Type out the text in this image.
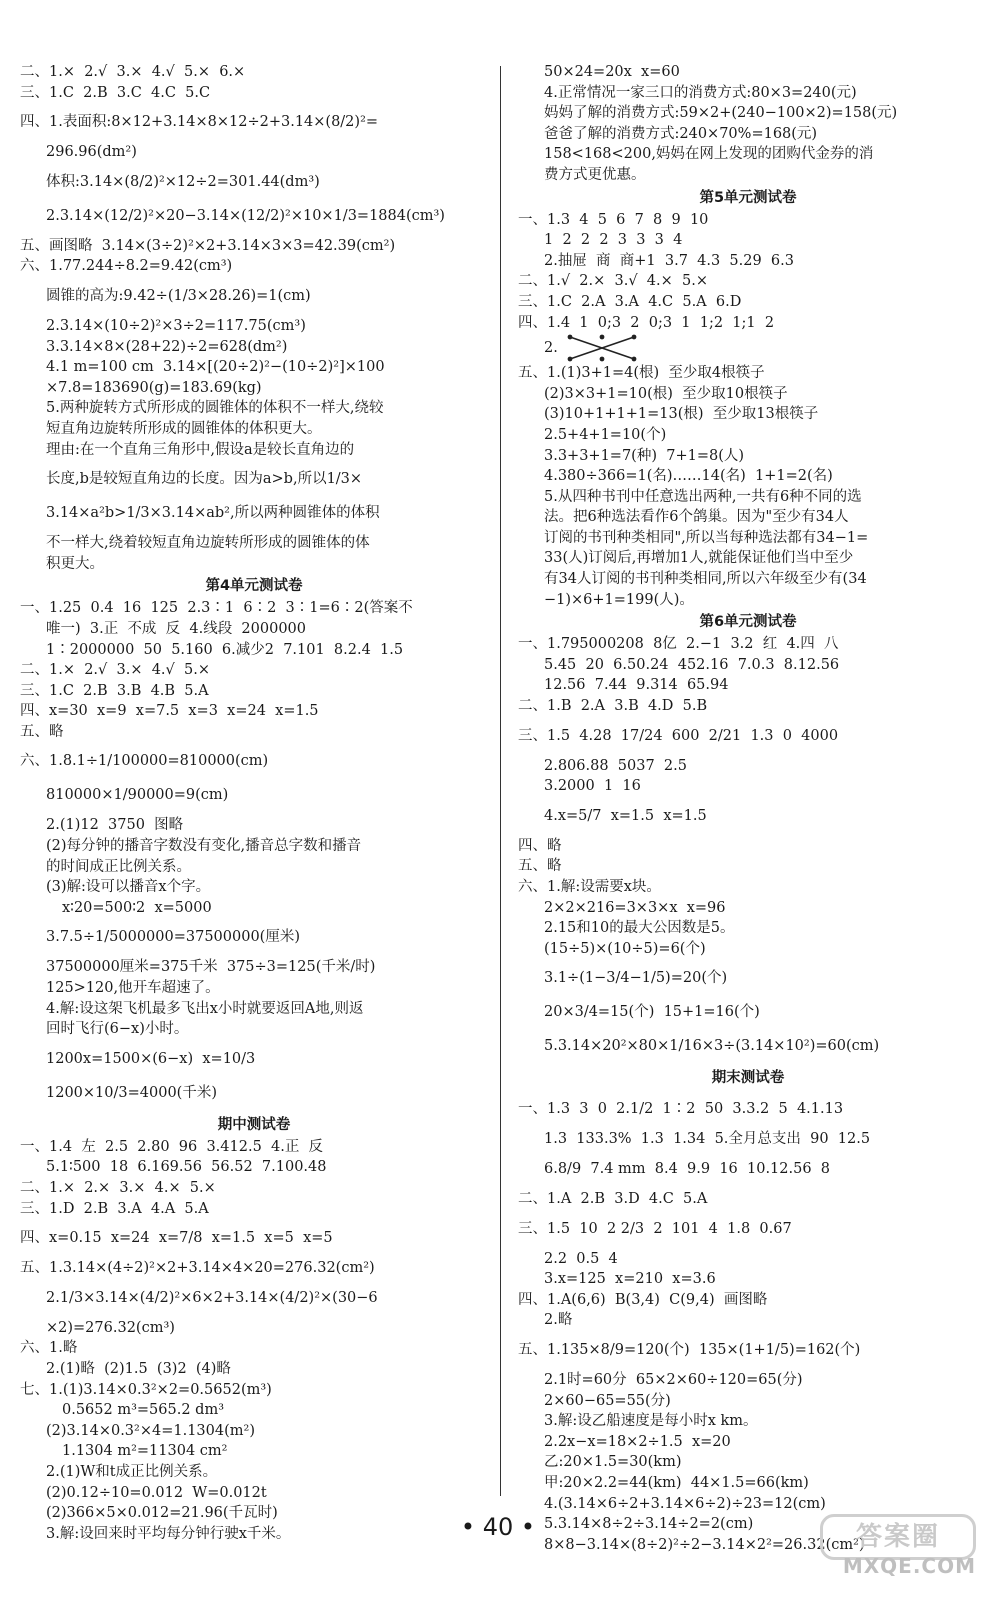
二、1.×  2.√  3.×  4.√  5.×  6.×
三、1.C  2.B  3.C  4.C  5.C
四、1.表面积:8×12+3.14×8×12÷2+3.14×(8/2)²=
296.96(dm²)
体积:3.14×(8/2)²×12÷2=301.44(dm³)
2.3.14×(12/2)²×20−3.14×(12/2)²×10×1/3=1884(cm³)
五、画图略  3.14×(3÷2)²×2+3.14×3×3=42.39(cm²)
六、1.77.244÷8.2=9.42(cm³)
圆锥的高为:9.42÷(1/3×28.26)=1(cm)
2.3.14×(10÷2)²×3÷2=117.75(cm³)
3.3.14×8×(28+22)÷2=628(dm²)
4.1 m=100 cm  3.14×[(20÷2)²−(10÷2)²]×100
×7.8=183690(g)=183.69(kg)
5.两种旋转方式所形成的圆锥体的体积不一样大,绕较
短直角边旋转所形成的圆锥体的体积更大。
理由:在一个直角三角形中,假设a是较长直角边的
长度,b是较短直角边的长度。因为a>b,所以1/3×
3.14×a²b>1/3×3.14×ab²,所以两种圆锥体的体积
不一样大,绕着较短直角边旋转所形成的圆锥体的体
积更大。
第4单元测试卷
一、1.25  0.4  16  125  2.3∶1  6∶2  3∶1=6∶2(答案不
唯一)  3.正  不成  反  4.线段  2000000
1∶2000000  50  5.160  6.减少2  7.101  8.2.4  1.5
二、1.×  2.√  3.×  4.√  5.×
三、1.C  2.B  3.B  4.B  5.A
四、x=30  x=9  x=7.5  x=3  x=24  x=1.5
五、略
六、1.8.1÷1/100000=810000(cm)
810000×1/90000=9(cm)
2.(1)12  3750  图略
(2)每分钟的播音字数没有变化,播音总字数和播音
的时间成正比例关系。
(3)解:设可以播音x个字。
x∶20=500∶2  x=5000
3.7.5÷1/5000000=37500000(厘米)
37500000厘米=375千米  375÷3=125(千米/时)
125>120,他开车超速了。
4.解:设这架飞机最多飞出x小时就要返回A地,则返
回时飞行(6−x)小时。
1200x=1500×(6−x)  x=10/3
1200×10/3=4000(千米)
期中测试卷
一、1.4  左  2.5  2.80  96  3.412.5  4.正  反
5.1∶500  18  6.169.56  56.52  7.100.48
二、1.×  2.×  3.×  4.×  5.×
三、1.D  2.B  3.A  4.A  5.A
四、x=0.15  x=24  x=7/8  x=1.5  x=5  x=5
五、1.3.14×(4÷2)²×2+3.14×4×20=276.32(cm²)
2.1/3×3.14×(4/2)²×6×2+3.14×(4/2)²×(30−6
×2)=276.32(cm³)
六、1.略
2.(1)略  (2)1.5  (3)2  (4)略
七、1.(1)3.14×0.3²×2=0.5652(m³)
0.5652 m³=565.2 dm³
(2)3.14×0.3²×4=1.1304(m²)
1.1304 m²=11304 cm²
2.(1)W和t成正比例关系。
(2)0.12÷10=0.012  W=0.012t
(2)366×5×0.012=21.96(千瓦时)
3.解:设回来时平均每分钟行驶x千米。
50×24=20x  x=60
4.正常情况一家三口的消费方式:80×3=240(元)
妈妈了解的消费方式:59×2+(240−100×2)=158(元)
爸爸了解的消费方式:240×70%=168(元)
158<168<200,妈妈在网上发现的团购代金券的消
费方式更优惠。
第5单元测试卷
一、1.3  4  5  6  7  8  9  10
1  2  2  2  3  3  3  4
2.抽屉  商  商+1  3.7  4.3  5.29  6.3
二、1.√  2.×  3.√  4.×  5.×
三、1.C  2.A  3.A  4.C  5.A  6.D
四、1.4  1  0;3  2  0;3  1  1;2  1;1  2
2.
五、1.(1)3+1=4(根)  至少取4根筷子
(2)3×3+1=10(根)  至少取10根筷子
(3)10+1+1+1=13(根)  至少取13根筷子
2.5+4+1=10(个)
3.3+3+1=7(种)  7+1=8(人)
4.380÷366=1(名)……14(名)  1+1=2(名)
5.从四种书刊中任意选出两种,一共有6种不同的选
法。把6种选法看作6个鸽巢。因为"至少有34人
订阅的书刊种类相同",所以当每种选法都有34−1=
33(人)订阅后,再增加1人,就能保证他们当中至少
有34人订阅的书刊种类相同,所以六年级至少有(34
−1)×6+1=199(人)。
第6单元测试卷
一、1.795000208  8亿  2.−1  3.2  红  4.四  八
5.45  20  6.50.24  452.16  7.0.3  8.12.56
12.56  7.44  9.314  65.94
二、1.B  2.A  3.B  4.D  5.B
三、1.5  4.28  17/24  600  2/21  1.3  0  4000
2.806.88  5037  2.5
3.2000  1  16
4.x=5/7  x=1.5  x=1.5
四、略
五、略
六、1.解:设需要x块。
2×2×216=3×3×x  x=96
2.15和10的最大公因数是5。
(15÷5)×(10÷5)=6(个)
3.1÷(1−3/4−1/5)=20(个)
20×3/4=15(个)  15+1=16(个)
5.3.14×20²×80×1/16×3÷(3.14×10²)=60(cm)
期末测试卷
一、1.3  3  0  2.1/2  1∶2  50  3.3.2  5  4.1.13
1.3  133.3%  1.3  1.34  5.全月总支出  90  12.5
6.8/9  7.4 mm  8.4  9.9  16  10.12.56  8
二、1.A  2.B  3.D  4.C  5.A
三、1.5  10  2 2/3  2  101  4  1.8  0.67
2.2  0.5  4
3.x=125  x=210  x=3.6
四、1.A(6,6)  B(3,4)  C(9,4)  画图略
2.略
五、1.135×8/9=120(个)  135×(1+1/5)=162(个)
2.1时=60分  65×2×60÷120=65(分)
2×60−65=55(分)
3.解:设乙船速度是每小时x km。
2.2x−x=18×2÷1.5  x=20
乙:20×1.5=30(km)
甲:20×2.2=44(km)  44×1.5=66(km)
4.(3.14×6÷2+3.14×6÷2)÷23=12(cm)
5.3.14×8÷2÷3.14÷2=2(cm)
8×8−3.14×(8÷2)²÷2−3.14×2²=26.32(cm²)
• 40 •	答案圈
MXQE.COM
